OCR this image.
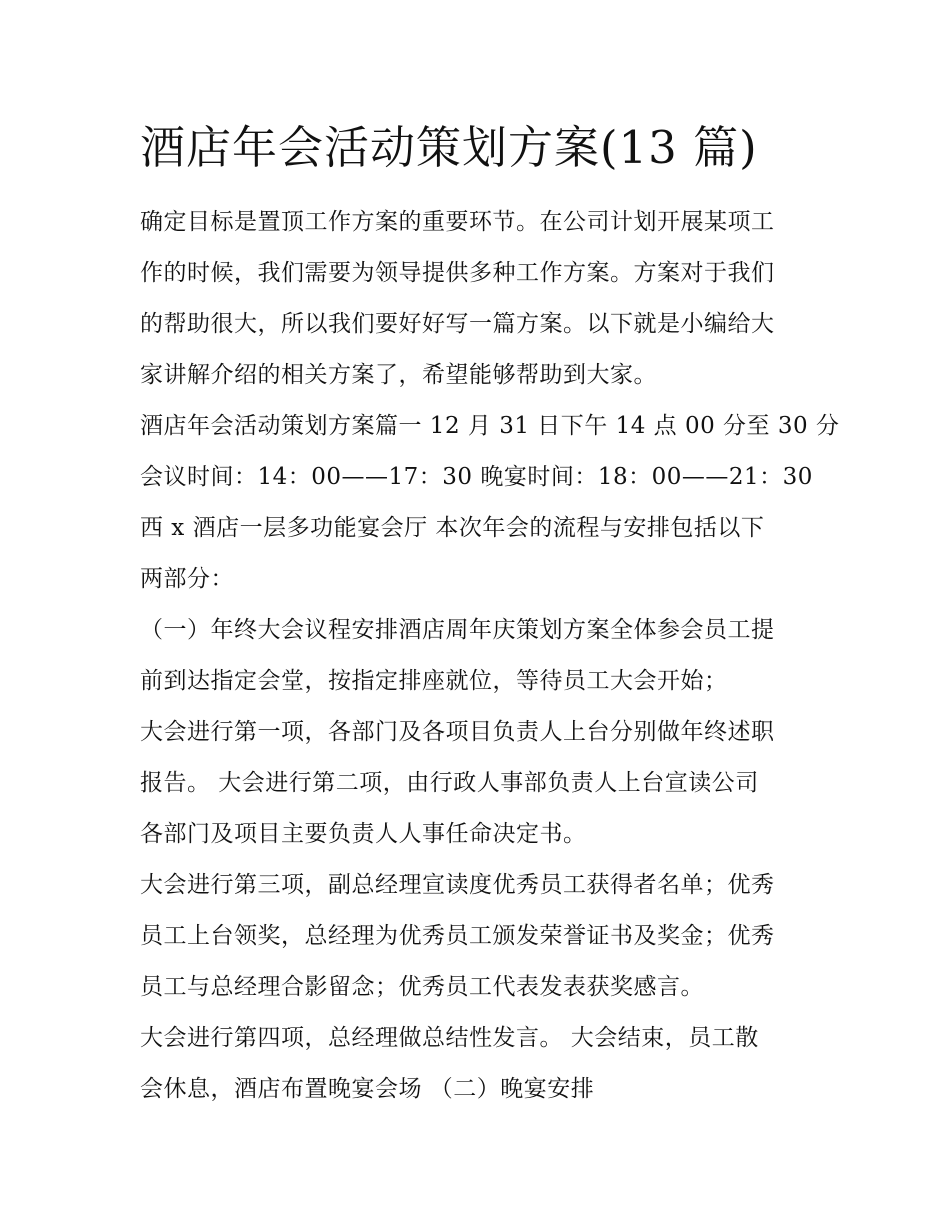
酒店年会活动策划方案(13 篇)

确定目标是置顶工作方案的重要环节。在公司计划开展某项工

作的时候，我们需要为领导提供多种工作方案。方案对于我们

的帮助很大，所以我们要好好写一篇方案。以下就是小编给大

家讲解介绍的相关方案了，希望能够帮助到大家。

酒店年会活动策划方案篇一 12 月 31 日下午 14 点 00 分至 30 分

会议时间：14：00——17：30 晚宴时间：18：00——21：30

西 x 酒店一层多功能宴会厅 本次年会的流程与安排包括以下

两部分：

（一）年终大会议程安排酒店周年庆策划方案全体参会员工提

前到达指定会堂，按指定排座就位，等待员工大会开始；

大会进行第一项，各部门及各项目负责人上台分别做年终述职

报告。 大会进行第二项，由行政人事部负责人上台宣读公司

各部门及项目主要负责人人事任命决定书。

大会进行第三项，副总经理宣读度优秀员工获得者名单；优秀

员工上台领奖，总经理为优秀员工颁发荣誉证书及奖金；优秀

员工与总经理合影留念；优秀员工代表发表获奖感言。

大会进行第四项，总经理做总结性发言。 大会结束，员工散

会休息，酒店布置晚宴会场 （二）晚宴安排
